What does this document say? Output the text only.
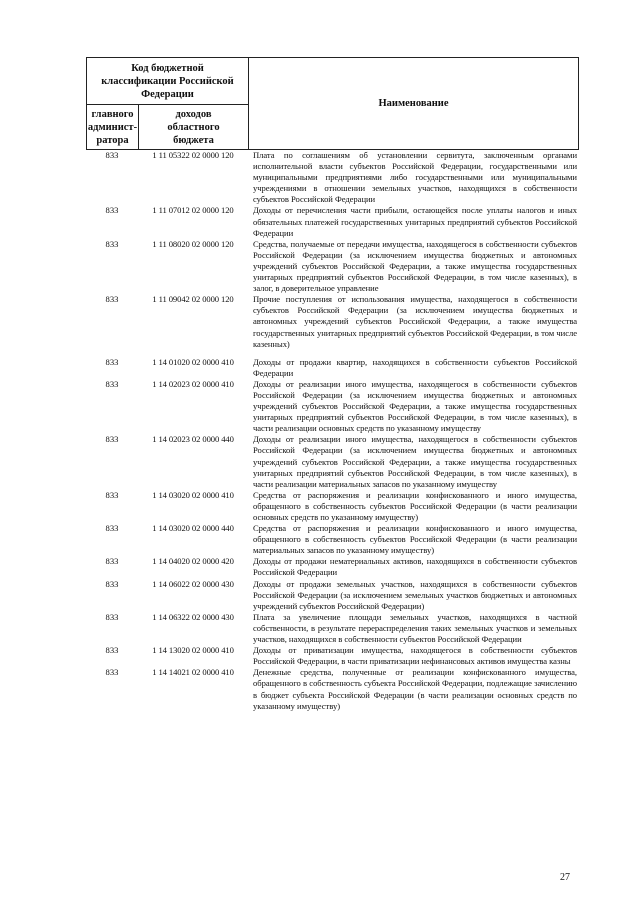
Код бюджетной классификации Российской Федерации		Наименование
главного админист-ратора	доходов областного бюджета	
833	1 11 05322 02 0000 120	Плата по соглашениям об установлении сервитута, заключенным органами исполнительной власти субъектов Российской Федерации, государственными или муниципальными предприятиями либо государственными или муниципальными учреждениями в отношении земельных участков, находящихся в собственности субъектов Российской Федерации
833	1 11 07012 02 0000 120	Доходы от перечисления части прибыли, остающейся после уплаты налогов и иных обязательных платежей государственных унитарных предприятий субъектов Российской Федерации
833	1 11 08020 02 0000 120	Средства, получаемые от передачи имущества, находящегося в собственности субъектов Российской Федерации (за исключением имущества бюджетных и автономных учреждений субъектов Российской Федерации, а также имущества государственных унитарных предприятий субъектов Российской Федерации, в том числе казенных), в залог, в доверительное управление
833	1 11 09042 02 0000 120	Прочие поступления от использования имущества, находящегося в собственности субъектов Российской Федерации (за исключением имущества бюджетных и автономных учреждений субъектов Российской Федерации, а также имущества государственных унитарных предприятий субъектов Российской Федерации, в том числе казенных)
833	1 14 01020 02 0000 410	Доходы от продажи квартир, находящихся в собственности субъектов Российской Федерации
833	1 14 02023 02 0000 410	Доходы от реализации иного имущества, находящегося в собственности субъектов Российской Федерации (за исключением имущества бюджетных и автономных учреждений субъектов Российской Федерации, а также имущества государственных унитарных предприятий субъектов Российской Федерации, в том числе казенных), в части реализации основных средств по указанному имуществу
833	1 14 02023 02 0000 440	Доходы от реализации иного имущества, находящегося в собственности субъектов Российской Федерации (за исключением имущества бюджетных и автономных учреждений субъектов Российской Федерации, а также имущества государственных унитарных предприятий субъектов Российской Федерации, в том числе казенных), в части реализации материальных запасов по указанному имуществу
833	1 14 03020 02 0000 410	Средства от распоряжения и реализации конфискованного и иного имущества, обращенного в собственность субъектов Российской Федерации (в части реализации основных средств по указанному имуществу)
833	1 14 03020 02 0000 440	Средства от распоряжения и реализации конфискованного и иного имущества, обращенного в собственность субъектов Российской Федерации (в части реализации материальных запасов по указанному имуществу)
833	1 14 04020 02 0000 420	Доходы от продажи нематериальных активов, находящихся в собственности субъектов Российской Федерации
833	1 14 06022 02 0000 430	Доходы от продажи земельных участков, находящихся в собственности субъектов Российской Федерации (за исключением земельных участков бюджетных и автономных учреждений субъектов Российской Федерации)
833	1 14 06322 02 0000 430	Плата за увеличение площади земельных участков, находящихся в частной собственности, в результате перераспределения таких земельных участков и земельных участков, находящихся в собственности субъектов Российской Федерации
833	1 14 13020 02 0000 410	Доходы от приватизации имущества, находящегося в собственности субъектов Российской Федерации, в части приватизации нефинансовых активов имущества казны
833	1 14 14021 02 0000 410	Денежные средства, полученные от реализации конфискованного имущества, обращенного в собственность субъекта Российской Федерации, подлежащие зачислению в бюджет субъекта Российской Федерации (в части реализации основных средств по указанному имуществу)
27
